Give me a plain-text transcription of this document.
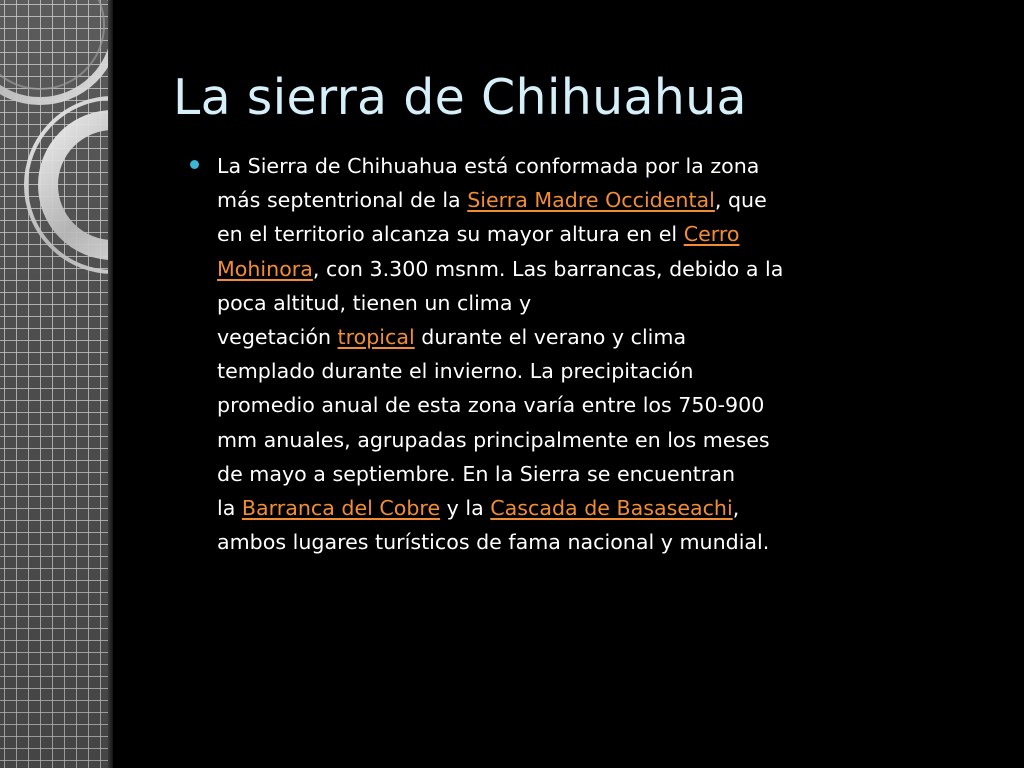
La sierra de Chihuahua

La Sierra de Chihuahua está conformada por la zona
más septentrional de la Sierra Madre Occidental, que
en el territorio alcanza su mayor altura en el Cerro
Mohinora, con 3.300 msnm. Las barrancas, debido a la
poca altitud, tienen un clima y
vegetación tropical durante el verano y clima
templado durante el invierno. La precipitación
promedio anual de esta zona varía entre los 750-900
mm anuales, agrupadas principalmente en los meses
de mayo a septiembre. En la Sierra se encuentran
la Barranca del Cobre y la Cascada de Basaseachi,
ambos lugares turísticos de fama nacional y mundial.
